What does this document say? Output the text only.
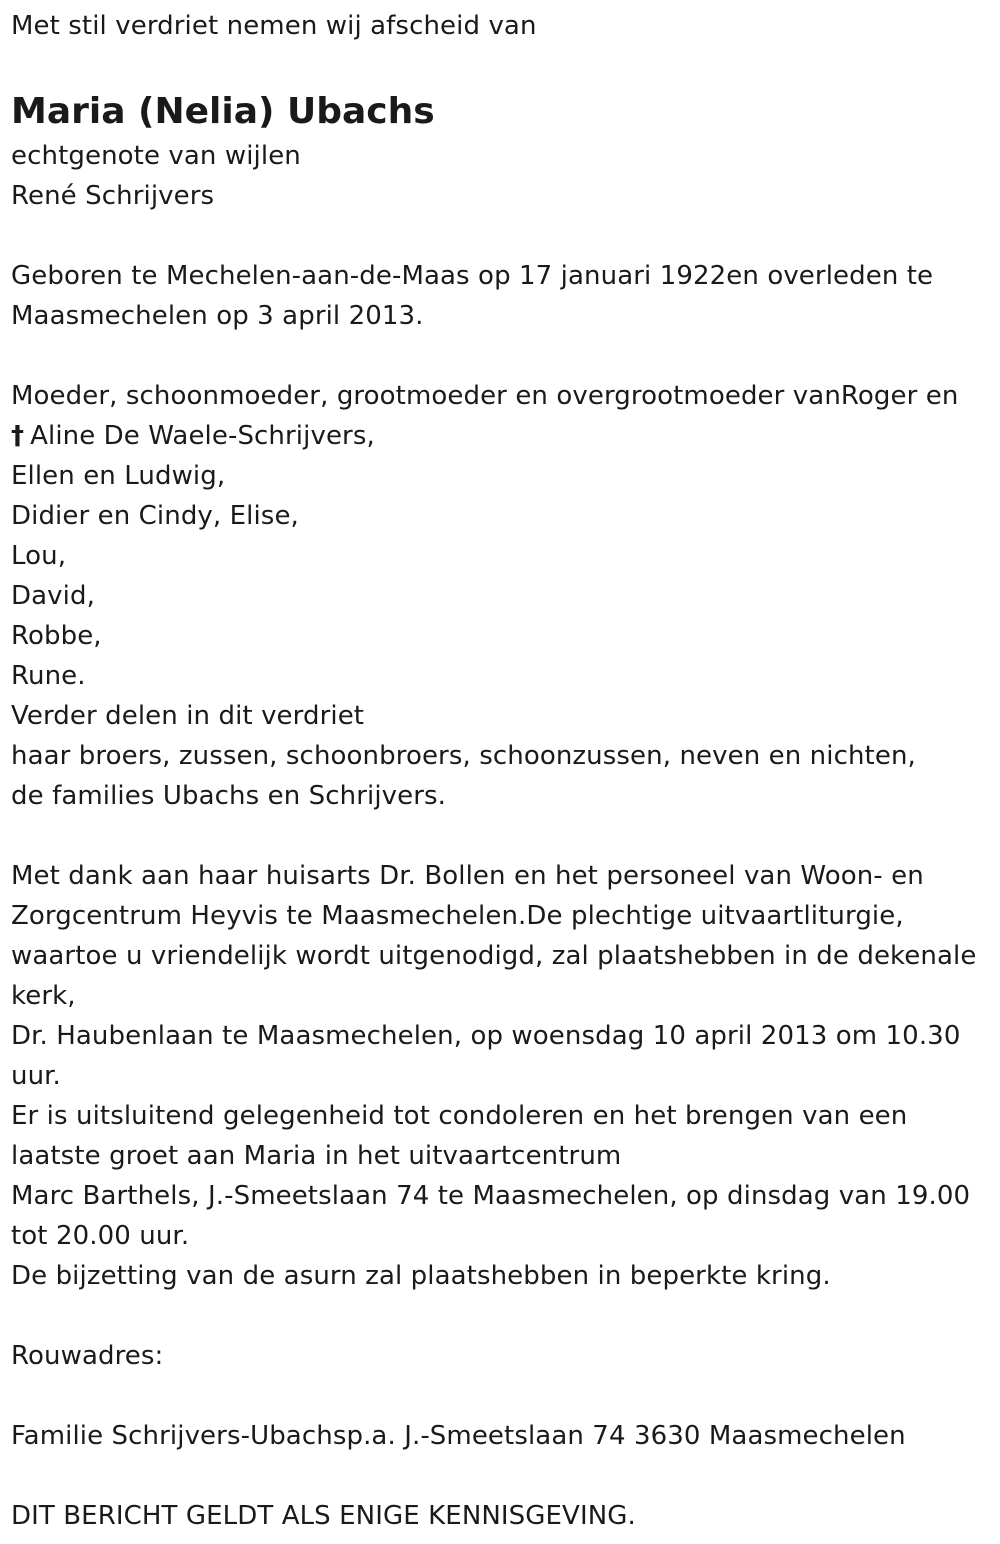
Met stil verdriet nemen wij afscheid van
Maria (Nelia) Ubachs
echtgenote van wijlen
René Schrijvers
Geboren te Mechelen-aan-de-Maas op 17 januari 1922en overleden te
Maasmechelen op 3 april 2013.
Moeder, schoonmoeder, grootmoeder en overgrootmoeder vanRoger en
† Aline De Waele-Schrijvers,
Ellen en Ludwig,
Didier en Cindy, Elise,
Lou,
David,
Robbe,
Rune.
Verder delen in dit verdriet
haar broers, zussen, schoonbroers, schoonzussen, neven en nichten,
de families Ubachs en Schrijvers.
Met dank aan haar huisarts Dr. Bollen en het personeel van Woon- en
Zorgcentrum Heyvis te Maasmechelen.De plechtige uitvaartliturgie,
waartoe u vriendelijk wordt uitgenodigd, zal plaatshebben in de dekenale
kerk,
Dr. Haubenlaan te Maasmechelen, op woensdag 10 april 2013 om 10.30
uur.
Er is uitsluitend gelegenheid tot condoleren en het brengen van een
laatste groet aan Maria in het uitvaartcentrum
Marc Barthels, J.-Smeetslaan 74 te Maasmechelen, op dinsdag van 19.00
tot 20.00 uur.
De bijzetting van de asurn zal plaatshebben in beperkte kring.
Rouwadres:
Familie Schrijvers-Ubachsp.a. J.-Smeetslaan 74 3630 Maasmechelen
DIT BERICHT GELDT ALS ENIGE KENNISGEVING.
